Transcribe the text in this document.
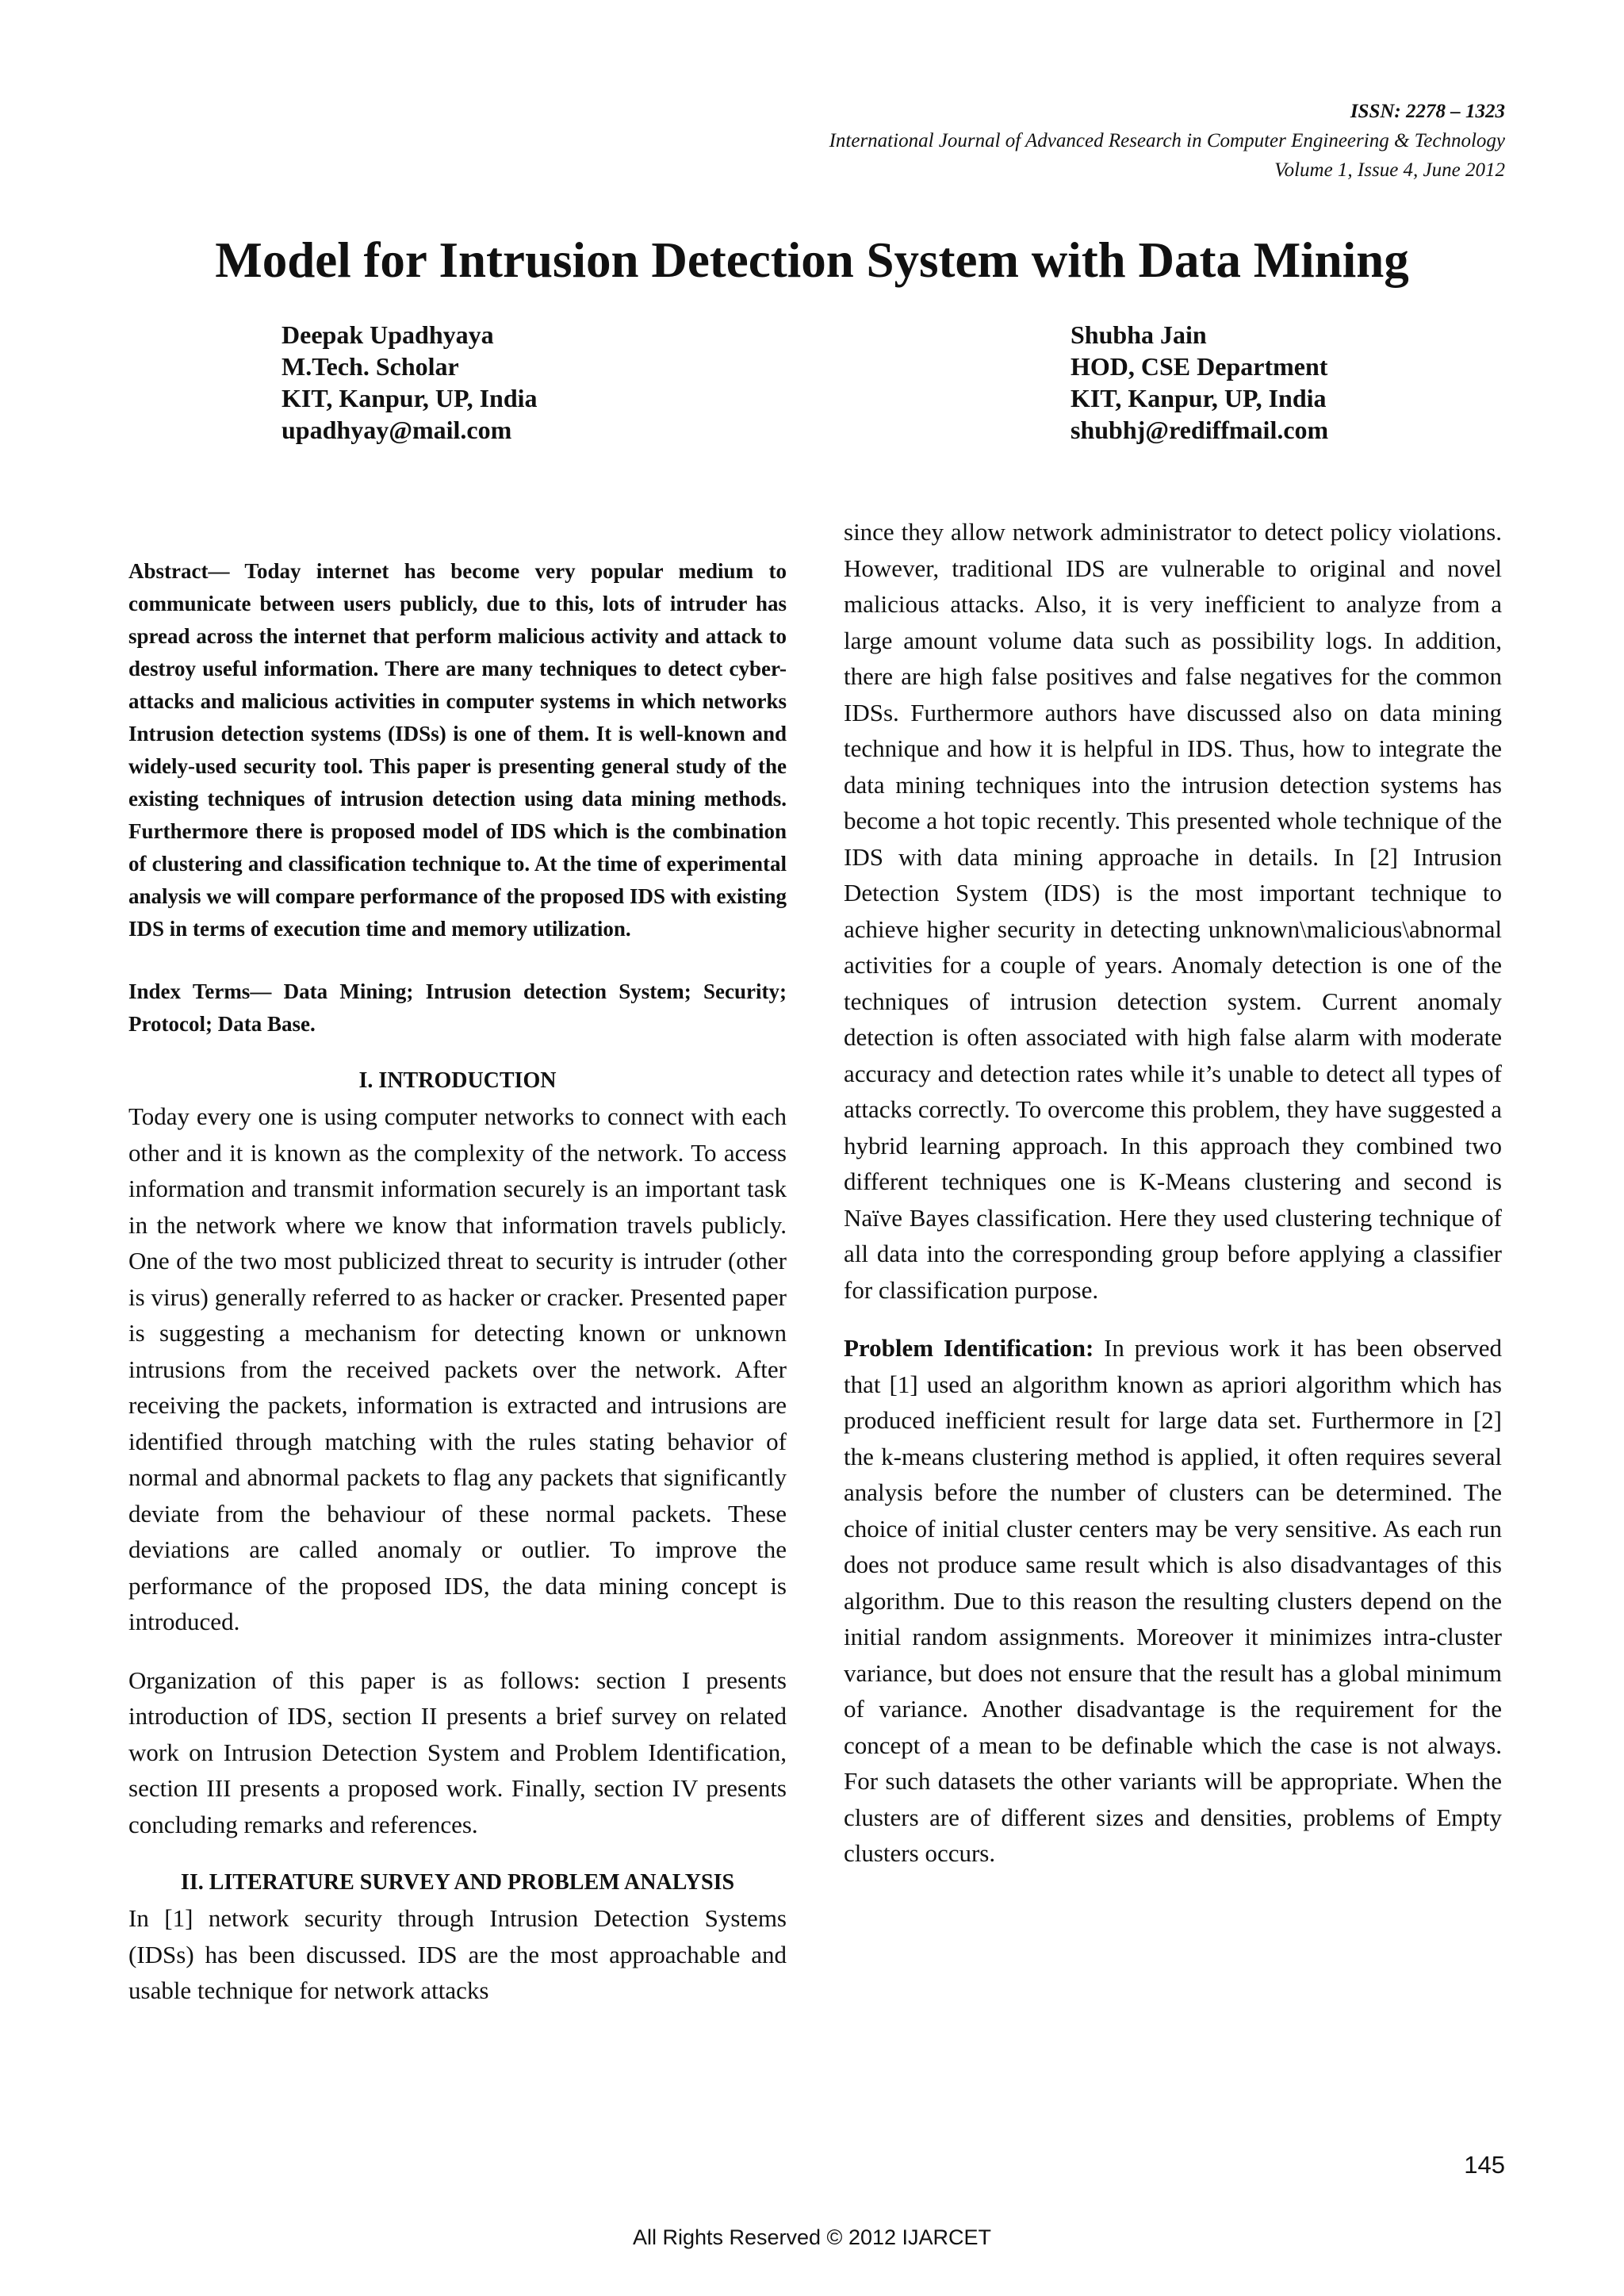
ISSN: 2278 – 1323
International Journal of Advanced Research in Computer Engineering & Technology
Volume 1, Issue 4, June 2012
Model for Intrusion Detection System with Data Mining
Deepak Upadhyaya
M.Tech. Scholar
KIT, Kanpur, UP, India
upadhyay@mail.com
Shubha Jain
HOD, CSE Department
KIT, Kanpur, UP, India
shubhj@rediffmail.com

Abstract— Today internet has become very popular medium to communicate between users publicly, due to this, lots of intruder has spread across the internet that perform malicious activity and attack to destroy useful information. There are many techniques to detect cyber-attacks and malicious activities in computer systems in which networks Intrusion detection systems (IDSs) is one of them. It is well-known and widely-used security tool. This paper is presenting general study of the existing techniques of intrusion detection using data mining methods. Furthermore there is proposed model of IDS which is the combination of clustering and classification technique to. At the time of experimental analysis we will compare performance of the proposed IDS with existing IDS in terms of execution time and memory utilization.

Index Terms— Data Mining; Intrusion detection System; Security; Protocol; Data Base.

I. INTRODUCTION

Today every one is using computer networks to connect with each other and it is known as the complexity of the network. To access information and transmit information securely is an important task in the network where we know that information travels publicly. One of the two most publicized threat to security is intruder (other is virus) generally referred to as hacker or cracker. Presented paper is suggesting a mechanism for detecting known or unknown intrusions from the received packets over the network. After receiving the packets, information is extracted and intrusions are identified through matching with the rules stating behavior of normal and abnormal packets to flag any packets that significantly deviate from the behaviour of these normal packets. These deviations are called anomaly or outlier. To improve the performance of the proposed IDS, the data mining concept is introduced.

Organization of this paper is as follows: section I presents introduction of IDS, section II presents a brief survey on related work on Intrusion Detection System and Problem Identification, section III presents a proposed work. Finally, section IV presents concluding remarks and references.

II. LITERATURE SURVEY AND PROBLEM ANALYSIS

In [1] network security through Intrusion Detection Systems (IDSs) has been discussed. IDS are the most approachable and usable technique for network attacks

since they allow network administrator to detect policy violations. However, traditional IDS are vulnerable to original and novel malicious attacks. Also, it is very inefficient to analyze from a large amount volume data such as possibility logs. In addition, there are high false positives and false negatives for the common IDSs. Furthermore authors have discussed also on data mining technique and how it is helpful in IDS. Thus, how to integrate the data mining techniques into the intrusion detection systems has become a hot topic recently. This presented whole technique of the IDS with data mining approache in details. In [2] Intrusion Detection System (IDS) is the most important technique to achieve higher security in detecting unknown\malicious\abnormal activities for a couple of years. Anomaly detection is one of the techniques of intrusion detection system. Current anomaly detection is often associated with high false alarm with moderate accuracy and detection rates while it’s unable to detect all types of attacks correctly. To overcome this problem, they have suggested a hybrid learning approach. In this approach they combined two different techniques one is K-Means clustering and second is Naïve Bayes classification. Here they used clustering technique of all data into the corresponding group before applying a classifier for classification purpose.

Problem Identification: In previous work it has been observed that [1] used an algorithm known as apriori algorithm which has produced inefficient result for large data set. Furthermore in [2] the k-means clustering method is applied, it often requires several analysis before the number of clusters can be determined. The choice of initial cluster centers may be very sensitive. As each run does not produce same result which is also disadvantages of this algorithm. Due to this reason the resulting clusters depend on the initial random assignments. Moreover it minimizes intra-cluster variance, but does not ensure that the result has a global minimum of variance. Another disadvantage is the requirement for the concept of a mean to be definable which the case is not always. For such datasets the other variants will be appropriate. When the clusters are of different sizes and densities, problems of Empty clusters occurs.

145
All Rights Reserved © 2012 IJARCET
